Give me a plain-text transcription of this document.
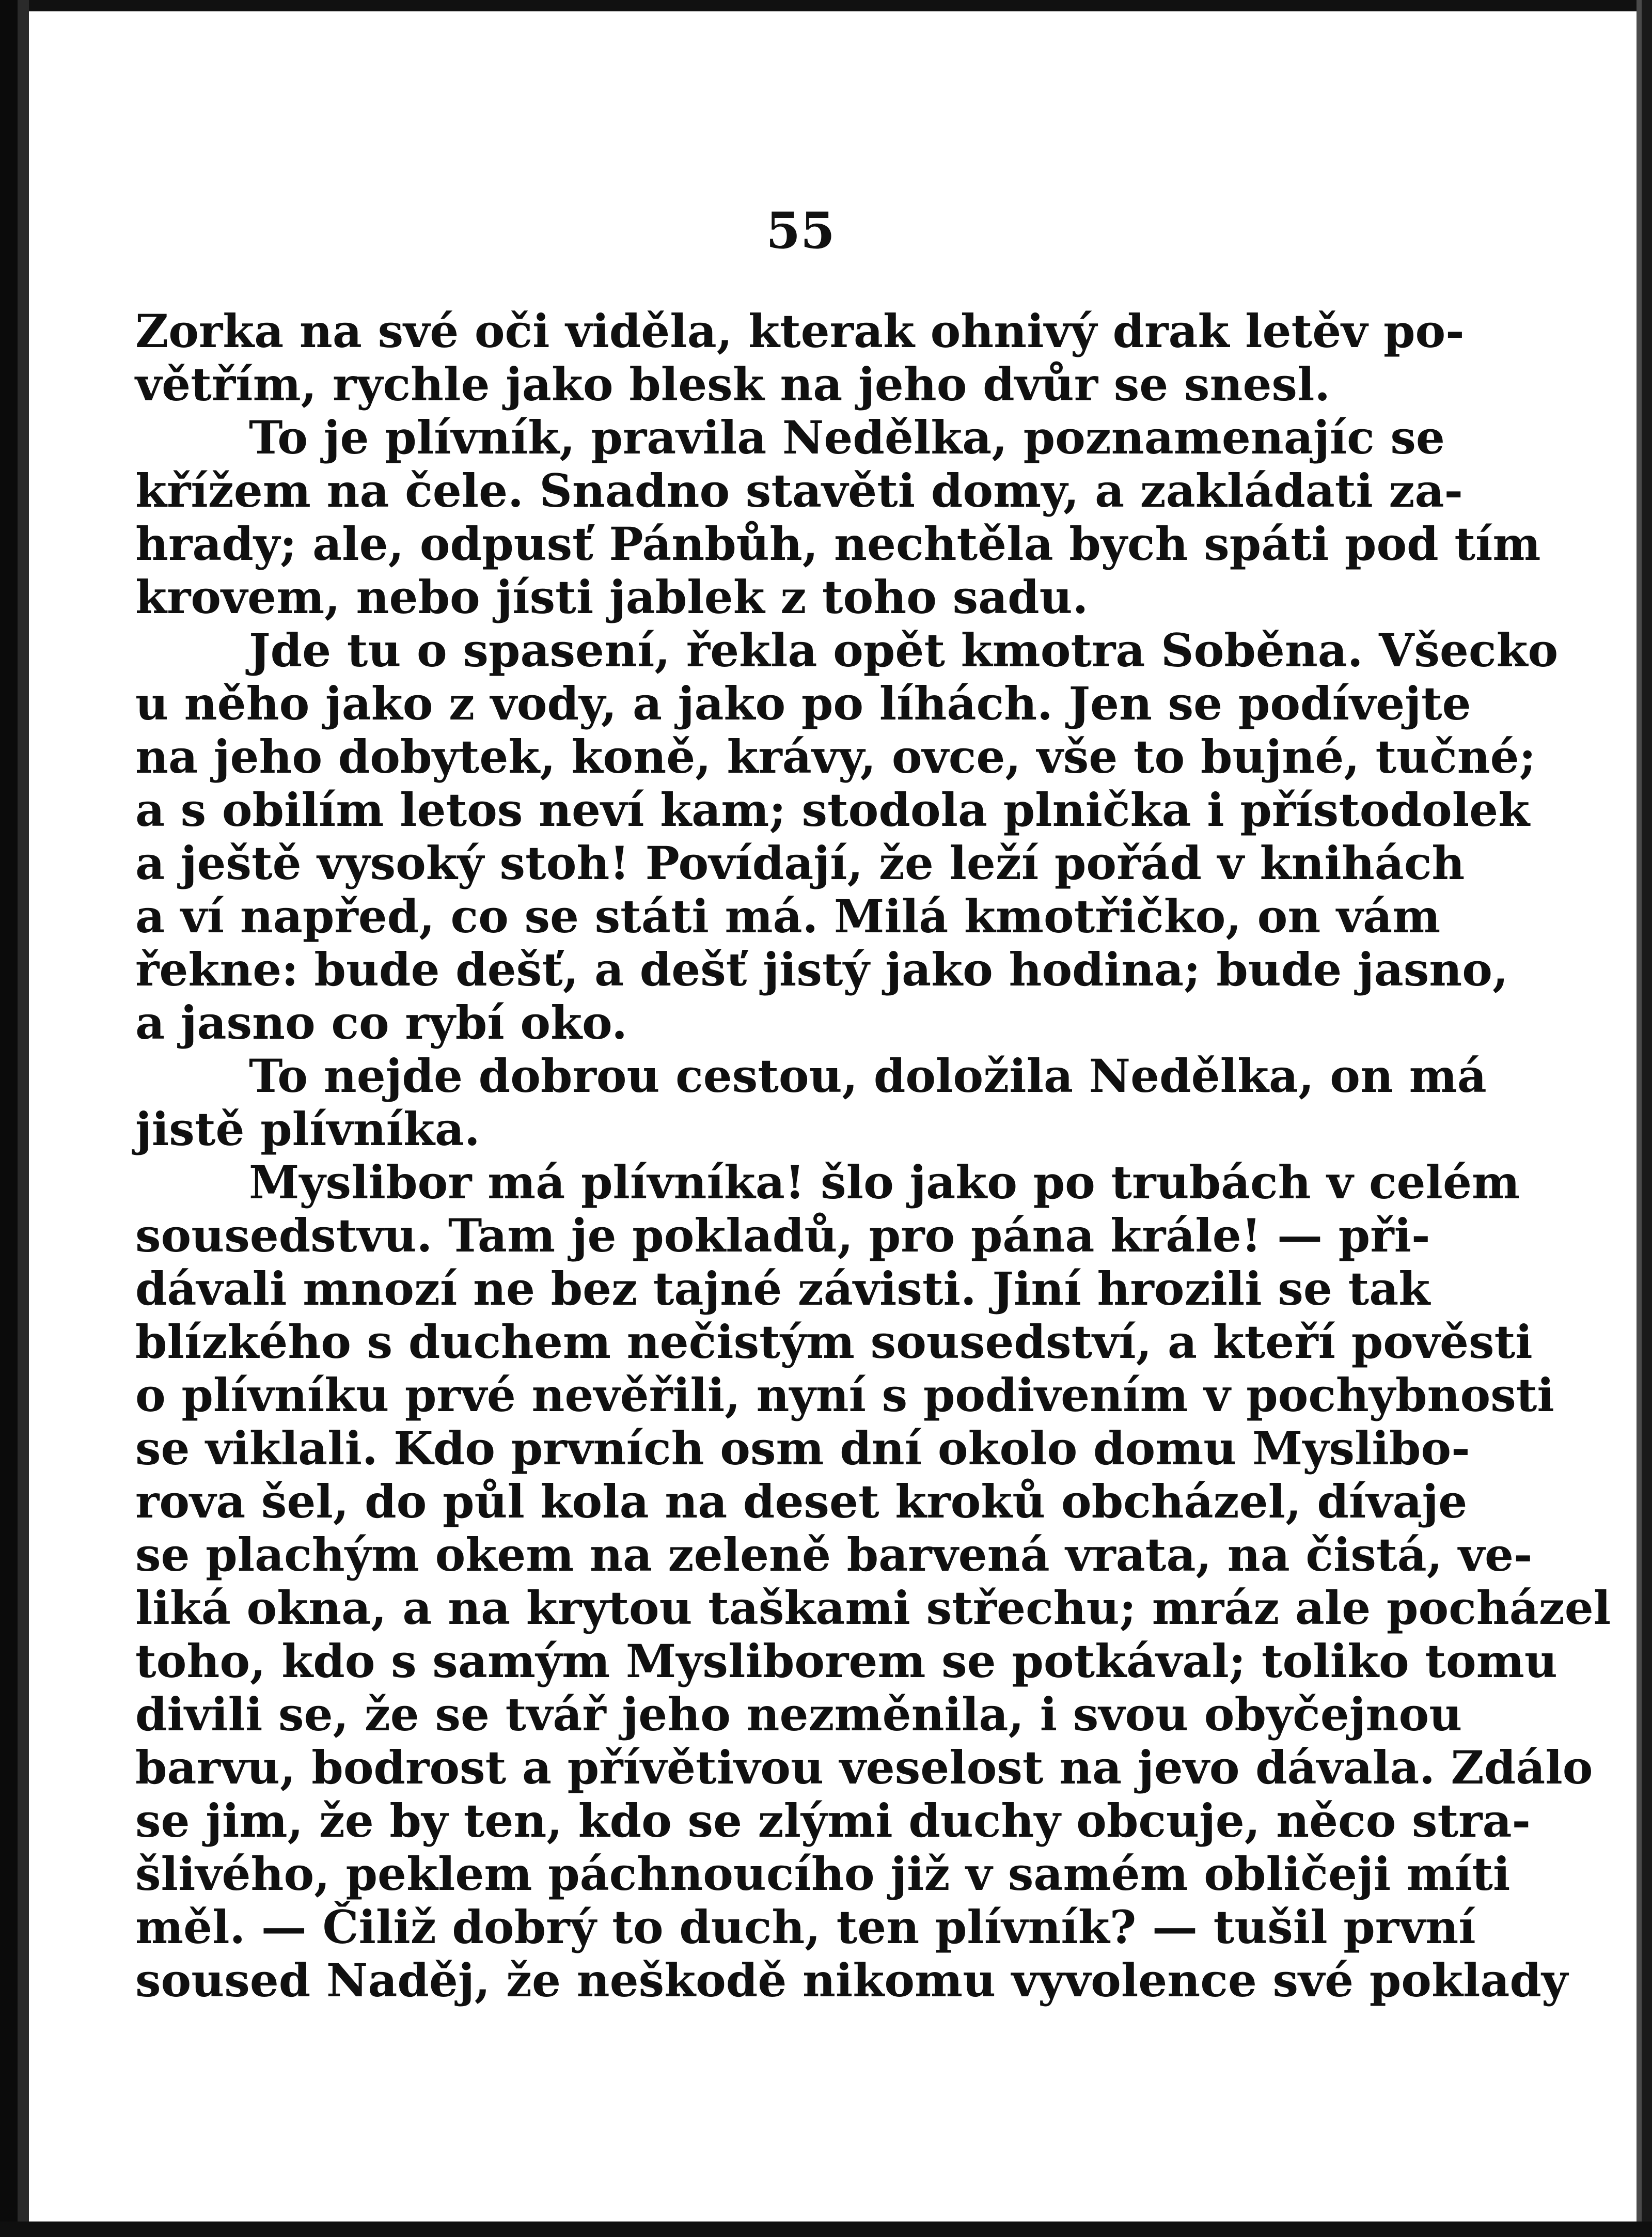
55
Zorka na své oči viděla, kterak ohnivý drak letěv po-
větřím, rychle jako blesk na jeho dvůr se snesl.
To je plívník, pravila Nedělka, poznamenajíc se
křížem na čele. Snadno stavěti domy, a zakládati za-
hrady; ale, odpusť Pánbůh, nechtěla bych spáti pod tím
krovem, nebo jísti jablek z toho sadu.
Jde tu o spasení, řekla opět kmotra Soběna. Všecko
u něho jako z vody, a jako po líhách. Jen se podívejte
na jeho dobytek, koně, krávy, ovce, vše to bujné, tučné;
a s obilím letos neví kam; stodola plnička i přístodolek
a ještě vysoký stoh! Povídají, že leží pořád v knihách
a ví napřed, co se státi má. Milá kmotřičko, on vám
řekne: bude dešť, a dešť jistý jako hodina; bude jasno,
a jasno co rybí oko.
To nejde dobrou cestou, doložila Nedělka, on má
jistě plívníka.
Myslibor má plívníka! šlo jako po trubách v celém
sousedstvu. Tam je pokladů, pro pána krále! — při-
dávali mnozí ne bez tajné závisti. Jiní hrozili se tak
blízkého s duchem nečistým sousedství, a kteří pověsti
o plívníku prvé nevěřili, nyní s podivením v pochybnosti
se viklali. Kdo prvních osm dní okolo domu Myslibo-
rova šel, do půl kola na deset kroků obcházel, dívaje
se plachým okem na zeleně barvená vrata, na čistá, ve-
liká okna, a na krytou taškami střechu; mráz ale pocházel
toho, kdo s samým Mysliborem se potkával; toliko tomu
divili se, že se tvář jeho nezměnila, i svou obyčejnou
barvu, bodrost a přívětivou veselost na jevo dávala. Zdálo
se jim, že by ten, kdo se zlými duchy obcuje, něco stra-
šlivého, peklem páchnoucího již v samém obličeji míti
měl. — Čiliž dobrý to duch, ten plívník? — tušil první
soused Naděj, že neškodě nikomu vyvolence své poklady
